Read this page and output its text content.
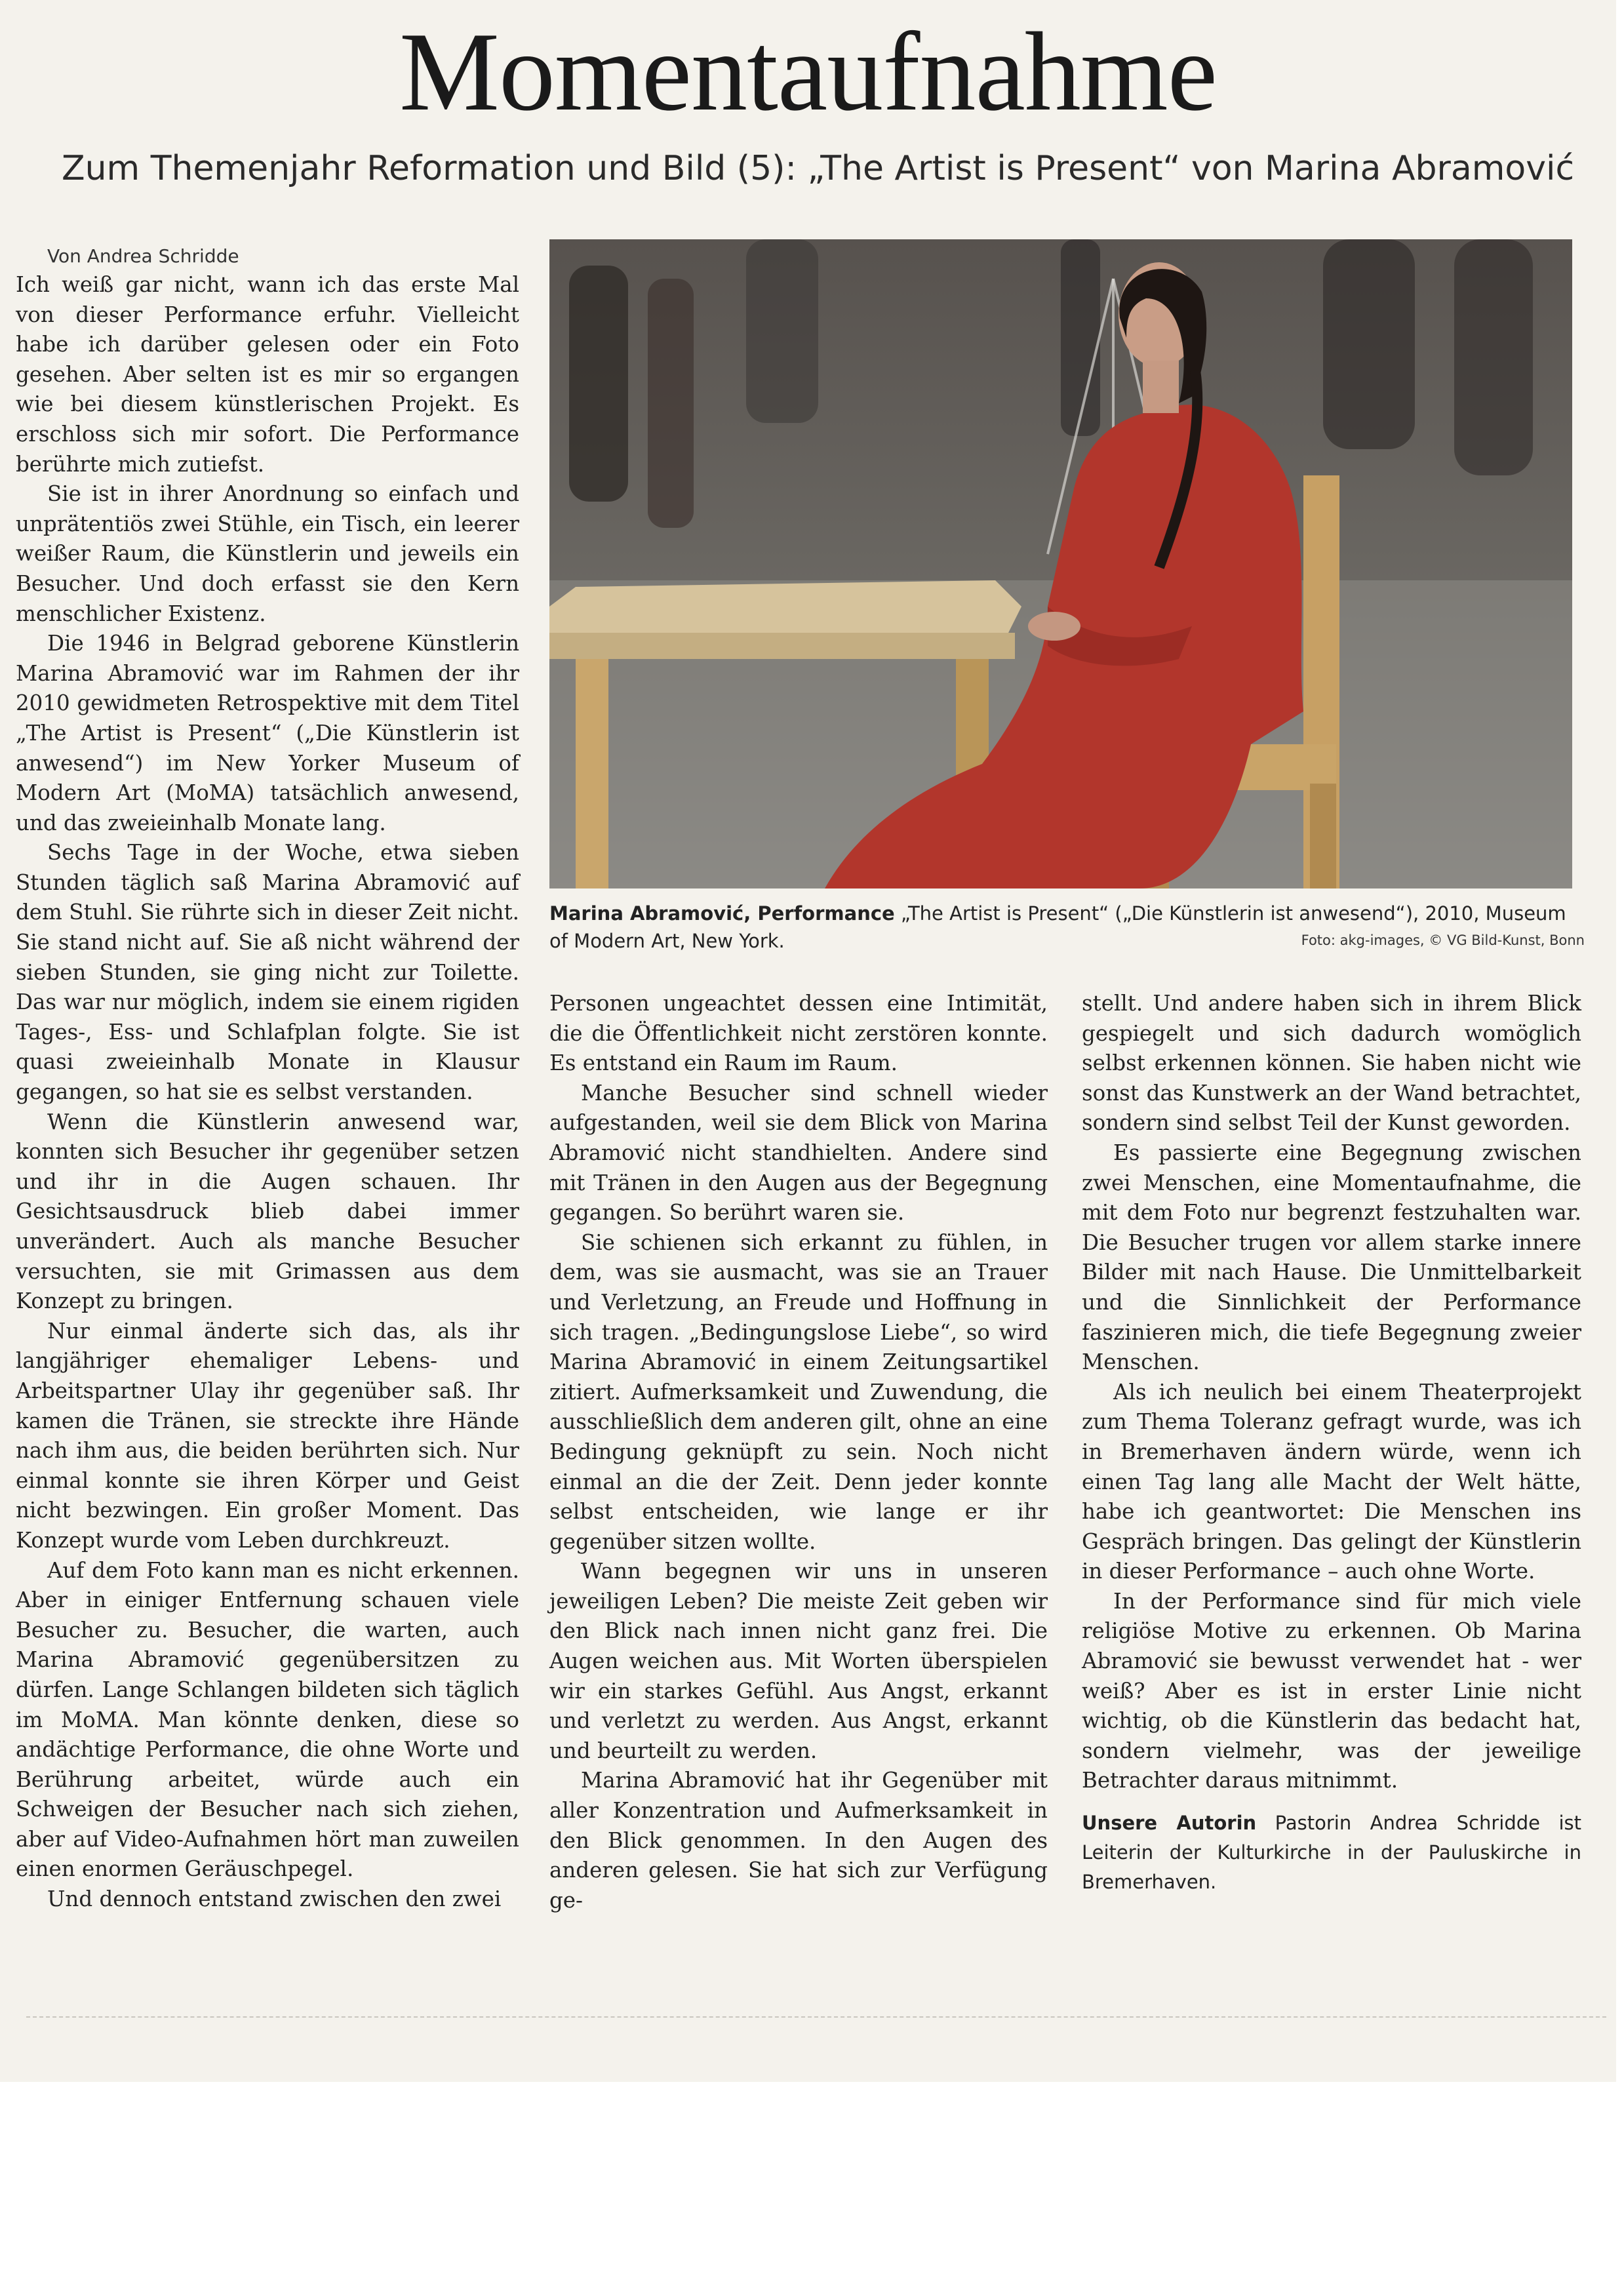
Momentaufnahme
Zum Themenjahr Reformation und Bild (5): „The Artist is Present“ von Marina Abramović

Von Andrea Schridde

Ich weiß gar nicht, wann ich das erste Mal von dieser Performance erfuhr. Vielleicht habe ich darüber gelesen oder ein Foto gesehen. Aber selten ist es mir so ergangen wie bei diesem künstlerischen Projekt. Es erschloss sich mir sofort. Die Performance berührte mich zutiefst.

Sie ist in ihrer Anordnung so einfach und unprätentiös zwei Stühle, ein Tisch, ein leerer weißer Raum, die Künstlerin und jeweils ein Besucher. Und doch erfasst sie den Kern menschlicher Existenz.

Die 1946 in Belgrad geborene Künstlerin Marina Abramović war im Rahmen der ihr 2010 gewidmeten Retrospektive mit dem Titel „The Artist is Present“ („Die Künstlerin ist anwesend“) im New Yorker Museum of Modern Art (MoMA) tatsächlich anwesend, und das zweieinhalb Monate lang.

Sechs Tage in der Woche, etwa sieben Stunden täglich saß Marina Abramović auf dem Stuhl. Sie rührte sich in dieser Zeit nicht. Sie stand nicht auf. Sie aß nicht während der sieben Stunden, sie ging nicht zur Toilette. Das war nur möglich, indem sie einem rigiden Tages-, Ess- und Schlafplan folgte. Sie ist quasi zweieinhalb Monate in Klausur gegangen, so hat sie es selbst verstanden.

Wenn die Künstlerin anwesend war, konnten sich Besucher ihr gegenüber setzen und ihr in die Augen schauen. Ihr Gesichtsausdruck blieb dabei immer unverändert. Auch als manche Besucher versuchten, sie mit Grimassen aus dem Konzept zu bringen.

Nur einmal änderte sich das, als ihr langjähriger ehemaliger Lebens- und Arbeitspartner Ulay ihr gegenüber saß. Ihr kamen die Tränen, sie streckte ihre Hände nach ihm aus, die beiden berührten sich. Nur einmal konnte sie ihren Körper und Geist nicht bezwingen. Ein großer Moment. Das Konzept wurde vom Leben durchkreuzt.

Auf dem Foto kann man es nicht erkennen. Aber in einiger Entfernung schauen viele Besucher zu. Besucher, die warten, auch Marina Abramović gegenübersitzen zu dürfen. Lange Schlangen bildeten sich täglich im MoMA. Man könnte denken, diese so andächtige Performance, die ohne Worte und Berührung arbeitet, würde auch ein Schweigen der Besucher nach sich ziehen, aber auf Video-Aufnahmen hört man zuweilen einen enormen Geräuschpegel.

Und dennoch entstand zwischen den zwei

Marina Abramović, Performance „The Artist is Present“ („Die Künstlerin ist anwesend“), 2010, Museum of Modern Art, New York.	Foto: akg-images, © VG Bild-Kunst, Bonn

Personen ungeachtet dessen eine Intimität, die die Öffentlichkeit nicht zerstören konnte. Es entstand ein Raum im Raum.

Manche Besucher sind schnell wieder aufgestanden, weil sie dem Blick von Marina Abramović nicht standhielten. Andere sind mit Tränen in den Augen aus der Begegnung gegangen. So berührt waren sie.

Sie schienen sich erkannt zu fühlen, in dem, was sie ausmacht, was sie an Trauer und Verletzung, an Freude und Hoffnung in sich tragen. „Bedingungslose Liebe“, so wird Marina Abramović in einem Zeitungsartikel zitiert. Aufmerksamkeit und Zuwendung, die ausschließlich dem anderen gilt, ohne an eine Bedingung geknüpft zu sein. Noch nicht einmal an die der Zeit. Denn jeder konnte selbst entscheiden, wie lange er ihr gegenüber sitzen wollte.

Wann begegnen wir uns in unseren jeweiligen Leben? Die meiste Zeit geben wir den Blick nach innen nicht ganz frei. Die Augen weichen aus. Mit Worten überspielen wir ein starkes Gefühl. Aus Angst, erkannt und verletzt zu werden. Aus Angst, erkannt und beurteilt zu werden.

Marina Abramović hat ihr Gegenüber mit aller Konzentration und Aufmerksamkeit in den Blick genommen. In den Augen des anderen gelesen. Sie hat sich zur Verfügung ge-

stellt. Und andere haben sich in ihrem Blick gespiegelt und sich dadurch womöglich selbst erkennen können. Sie haben nicht wie sonst das Kunstwerk an der Wand betrachtet, sondern sind selbst Teil der Kunst geworden.

Es passierte eine Begegnung zwischen zwei Menschen, eine Momentaufnahme, die mit dem Foto nur begrenzt festzuhalten war. Die Besucher trugen vor allem starke innere Bilder mit nach Hause. Die Unmittelbarkeit und die Sinnlichkeit der Performance faszinieren mich, die tiefe Begegnung zweier Menschen.

Als ich neulich bei einem Theaterprojekt zum Thema Toleranz gefragt wurde, was ich in Bremerhaven ändern würde, wenn ich einen Tag lang alle Macht der Welt hätte, habe ich geantwortet: Die Menschen ins Gespräch bringen. Das gelingt der Künstlerin in dieser Performance – auch ohne Worte.

In der Performance sind für mich viele religiöse Motive zu erkennen. Ob Marina Abramović sie bewusst verwendet hat - wer weiß? Aber es ist in erster Linie nicht wichtig, ob die Künstlerin das bedacht hat, sondern vielmehr, was der jeweilige Betrachter daraus mitnimmt.

Unsere Autorin Pastorin Andrea Schridde ist Leiterin der Kulturkirche in der Pauluskirche in Bremerhaven.
